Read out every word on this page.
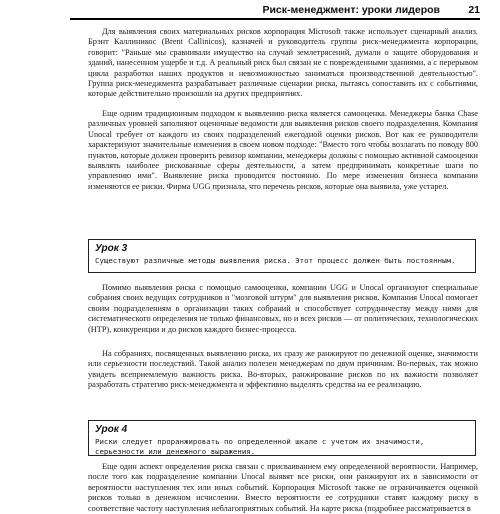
Риск-менеджмент: уроки лидеров	21

Для выявления своих материальных рисков корпорация Microsoft также использует сценарный анализ. Брэнт Каллиникос (Brent Callinicos), казначей и руководитель группы риск-менеджмента корпорации, говорит: "Раньше мы сравнивали имущество на случай землетрясений, думали о защите оборудования и зданий, нанесенном ущербе и т.д. А реальный риск был связан не с поврежденными зданиями, а с перерывом цикла разработки наших продуктов и невозможностью заниматься производственной деятельностью". Группа риск-менеджмента разрабатывает различные сценарии риска, пытаясь сопоставить их с событиями, которые действительно произошли на других предприятиях.

Еще одним традиционным подходом к выявлению риска является самооценка. Менеджеры банка Chase различных уровней заполняют оценочные ведомости для выявления рисков своего подразделения. Компания Unocal требует от каждого из своих подразделений ежегодной оценки рисков. Вот как ее руководители характеризуют значительные изменения в своем новом подходе: "Вместо того чтобы возлагать по поводу 800 пунктов, которые должен проверить ревизор компании, менеджеры должны с помощью активной самооценки выявлять наиболее рискованные сферы деятельности, а затем предпринимать конкретные шаги по управлению ими". Выявление риска проводится постоянно. По мере изменения бизнеса компании изменяются ее риски. Фирма UGG признала, что перечень рисков, которые она выявила, уже устарел.

Урок 3
Существуют различные методы выявления риска. Этот процесс должен быть постоянным.

Помимо выявления риска с помощью самооценки, компании UGG и Unocal организуют специальные собрания своих ведущих сотрудников и "мозговой штурм" для выявления рисков. Компания Unocal помогает своим подразделениям в организации таких собраний и способствует сотрудничеству между ними для систематического определения не только финансовых, но и всех рисков — от политических, технологических (НТР), конкуренции и до рисков каждого бизнес-процесса.

На собраниях, посвященных выявлению риска, их сразу же ранжируют по денежной оценке, значимости или серьезности последствий. Такой анализ полезен менеджерам по двум причинам. Во-первых, так можно увидеть всеприемлемую важность риска. Во-вторых, ранжирование рисков по их важности позволяет разработать стратегию риск-менеджмента и эффективно выделять средства на ее реализацию.

Урок 4
Риски следует проранжировать по определенной шкале с учетом их значимости, серьезности или денежного выражения.

Еще один аспект определения риска связан с присваиванием ему определенной вероятности. Например, после того как подразделение компании Unocal выявят все риски, они ранжируют их в зависимости от вероятности наступления тех или иных событий. Корпорация Microsoft также не ограничивается оценкой рисков только в денежном исчислении. Вместо вероятности ее сотрудники ставят каждому риску в соответствие частоту наступления неблагоприятных событий. На карте риска (подробнее рассматривается в
